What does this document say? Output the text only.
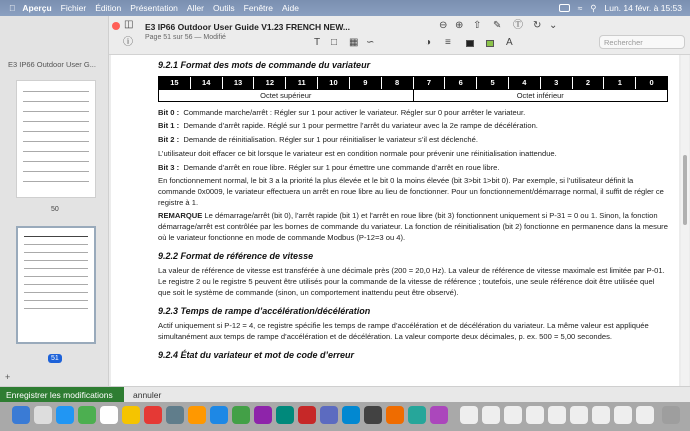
Aperçu Fichier Édition Présentation Aller Outils Fenêtre Aide	≈ ⚲ Lun. 14 févr. à 15:53
E3 IP66 Outdoor User G...
50
51
+
◫ E3 IP66 Outdoor User Guide V1.23 FRENCH NEW...
Page 51 sur 56 — Modifié
ⓘ
⊖ ⊕ ⇧ ✎ Ⓣ ↻ ⌄
T □ ▦ ∽	◑ ≡	A	Rechercher
9.2.1 Format des mots de commande du variateur
15	14	13	12	11	10	9	8	7	6	5	4	3	2	1	0
Octet supérieur	Octet inférieur

Bit 0 : Commande marche/arrêt : Régler sur 1 pour activer le variateur. Régler sur 0 pour arrêter le variateur.

Bit 1 : Demande d’arrêt rapide. Réglé sur 1 pour permettre l’arrêt du variateur avec la 2e rampe de décélération.

Bit 2 : Demande de réinitialisation. Régler sur 1 pour réinitialiser le variateur s’il est déclenché.

L’utilisateur doit effacer ce bit lorsque le variateur est en condition normale pour prévenir une réinitialisation inattendue.

Bit 3 : Demande d’arrêt en roue libre. Régler sur 1 pour émettre une commande d’arrêt en roue libre.

En fonctionnement normal, le bit 3 a la priorité la plus élevée et le bit 0 la moins élevée (bit 3>bit 1>bit 0). Par exemple, si l’utilisateur définit la commande 0x0009, le variateur effectuera un arrêt en roue libre au lieu de fonctionner. Pour un fonctionnement/démarrage normal, il suffit de régler ce registre à 1.

REMARQUE Le démarrage/arrêt (bit 0), l’arrêt rapide (bit 1) et l’arrêt en roue libre (bit 3) fonctionnent uniquement si P-31 = 0 ou 1. Sinon, la fonction démarrage/arrêt est contrôlée par les bornes de commande du variateur. La fonction de réinitialisation (bit 2) fonctionne en permanence dans la mesure où le variateur fonctionne en mode de commande Modbus (P-12=3 ou 4).

9.2.2 Format de référence de vitesse

La valeur de référence de vitesse est transférée à une décimale près (200 = 20,0 Hz). La valeur de référence de vitesse maximale est limitée par P-01. Le registre 2 ou le registre 5 peuvent être utilisés pour la commande de la vitesse de référence ; toutefois, une seule référence doit être utilisée quel que soit le système de commande (sinon, un comportement inattendu peut être observé).

9.2.3 Temps de rampe d’accélération/décélération

Actif uniquement si P-12 = 4, ce registre spécifie les temps de rampe d’accélération et de décélération du variateur. La même valeur est appliquée simultanément aux temps de rampe d’accélération et de décélération. La valeur comporte deux décimales, p. ex. 500 = 5,00 secondes.

9.2.4 État du variateur et mot de code d’erreur
Enregistrer les modifications	annuler
